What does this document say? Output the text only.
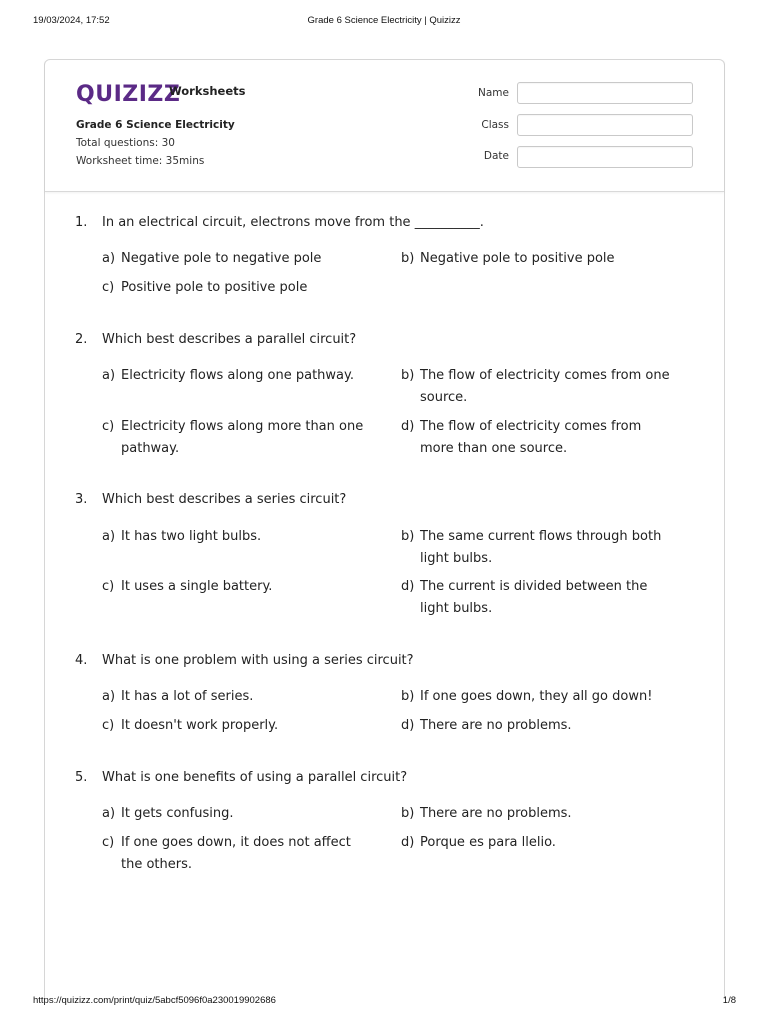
19/03/2024, 17:52	Grade 6 Science Electricity | Quizizz
QUIZIZZ
Worksheets
Grade 6 Science Electricity
Total questions: 30
Worksheet time: 35mins
Name
Class
Date
1. In an electrical circuit, electrons move from the __________.
a) Negative pole to negative pole	b) Negative pole to positive pole
c) Positive pole to positive pole
2. Which best describes a parallel circuit?
a) Electricity flows along one pathway.	b) The flow of electricity comes from one source.
c) Electricity flows along more than one pathway.
d) The flow of electricity comes from more than one source.
3. Which best describes a series circuit?
a) It has two light bulbs.	b) The same current flows through both light bulbs.
c) It uses a single battery.	d) The current is divided between the light bulbs.
4. What is one problem with using a series circuit?
a) It has a lot of series.	b) If one goes down, they all go down!
c) It doesn't work properly.	d) There are no problems.
5. What is one benefits of using a parallel circuit?
a) It gets confusing.	b) There are no problems.
c) If one goes down, it does not affect the others.
d) Porque es para llelio.
https://quizizz.com/print/quiz/5abcf5096f0a230019902686	1/8
